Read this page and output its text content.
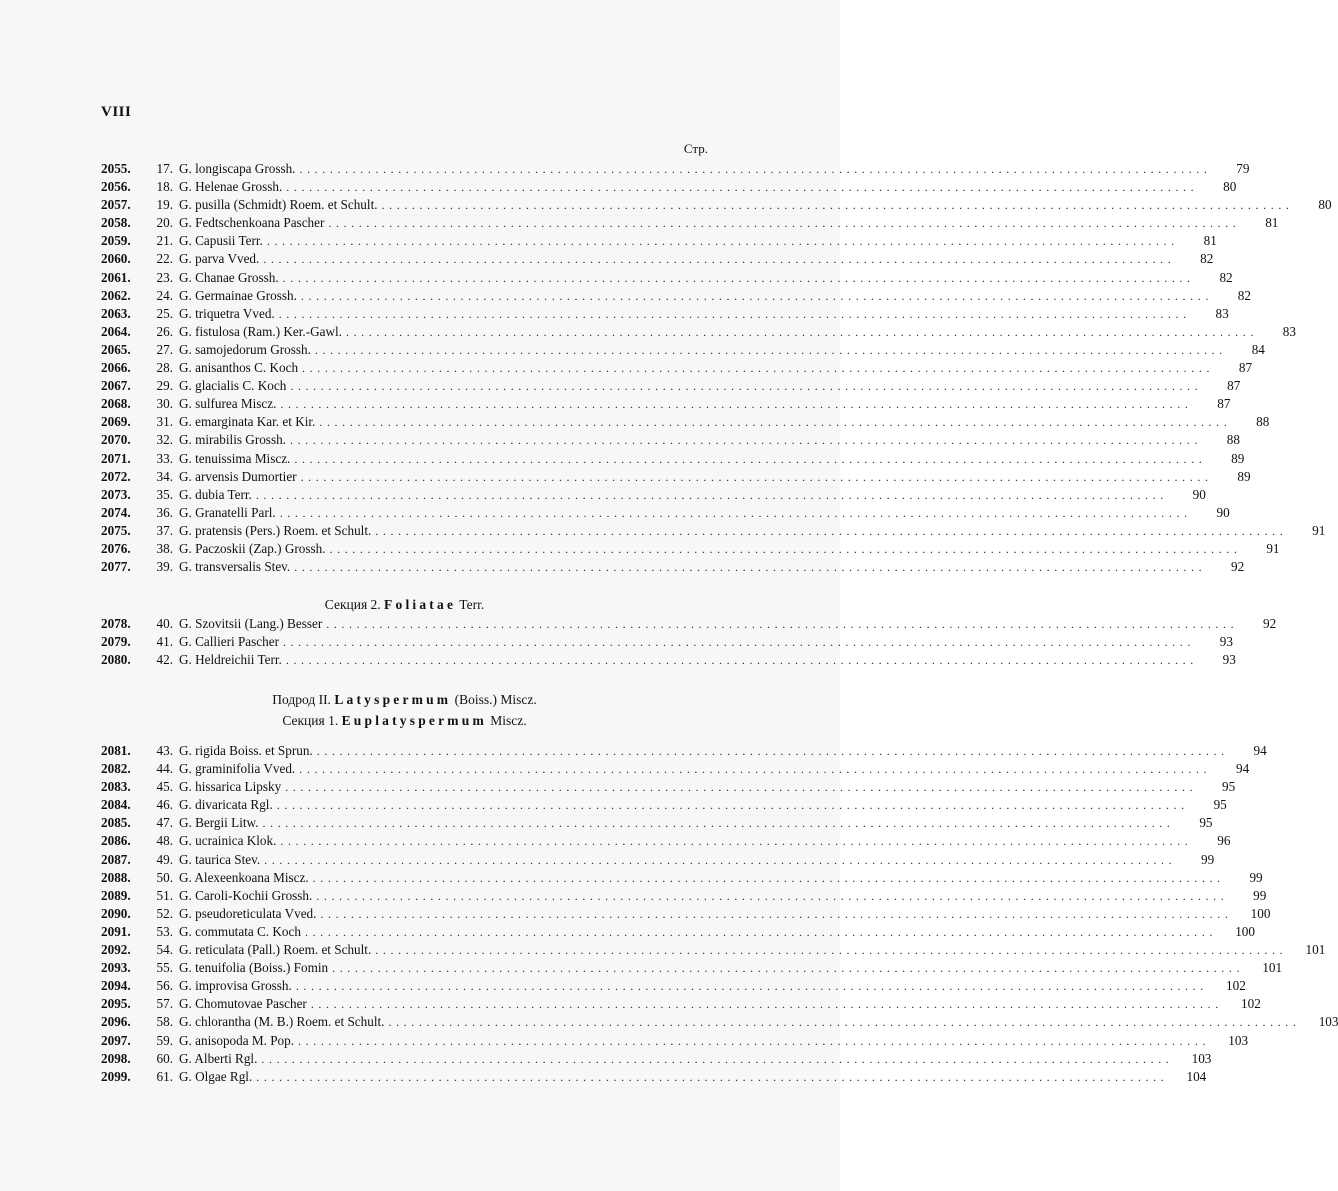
VIII
Стр.
2055.	17. G. longiscapa Grossh. ........................................................................................................................	79
2056.	18. G. Helenae Grossh. ........................................................................................................................	80
2057.	19. G. pusilla (Schmidt) Roem. et Schult. ........................................................................................................................	80
2058.	20. G. Fedtschenkoana Pascher ........................................................................................................................	81
2059.	21. G. Capusii Terr. ........................................................................................................................	81
2060.	22. G. parva Vved. ........................................................................................................................	82
2061.	23. G. Chanae Grossh. ........................................................................................................................	82
2062.	24. G. Germainae Grossh. ........................................................................................................................	82
2063.	25. G. triquetra Vved. ........................................................................................................................	83
2064.	26. G. fistulosa (Ram.) Ker.-Gawl. ........................................................................................................................	83
2065.	27. G. samojedorum Grossh. ........................................................................................................................	84
2066.	28. G. anisanthos C. Koch ........................................................................................................................	87
2067.	29. G. glacialis C. Koch ........................................................................................................................	87
2068.	30. G. sulfurea Miscz. ........................................................................................................................	87
2069.	31. G. emarginata Kar. et Kir. ........................................................................................................................	88
2070.	32. G. mirabilis Grossh. ........................................................................................................................	88
2071.	33. G. tenuissima Miscz. ........................................................................................................................	89
2072.	34. G. arvensis Dumortier ........................................................................................................................	89
2073.	35. G. dubia Terr. ........................................................................................................................	90
2074.	36. G. Granatelli Parl. ........................................................................................................................	90
2075.	37. G. pratensis (Pers.) Roem. et Schult. ........................................................................................................................	91
2076.	38. G. Paczoskii (Zap.) Grossh. ........................................................................................................................	91
2077.	39. G. transversalis Stev. ........................................................................................................................	92
Секция 2. Foliatae Terr.
2078.	40. G. Szovitsii (Lang.) Besser ........................................................................................................................	92
2079.	41. G. Callieri Pascher ........................................................................................................................	93
2080.	42. G. Heldreichii Terr. ........................................................................................................................	93
Подрод II. Latyspermum (Boiss.) Miscz.
Секция 1. Euplatyspermum Miscz.
2081.	43. G. rigida Boiss. et Sprun. ........................................................................................................................	94
2082.	44. G. graminifolia Vved. ........................................................................................................................	94
2083.	45. G. hissarica Lipsky ........................................................................................................................	95
2084.	46. G. divaricata Rgl. ........................................................................................................................	95
2085.	47. G. Bergii Litw. ........................................................................................................................	95
2086.	48. G. ucrainica Klok. ........................................................................................................................	96
2087.	49. G. taurica Stev. ........................................................................................................................	99
2088.	50. G. Alexeenkoana Miscz. ........................................................................................................................	99
2089.	51. G. Caroli-Kochii Grossh. ........................................................................................................................	99
2090.	52. G. pseudoreticulata Vved. ........................................................................................................................	100
2091.	53. G. commutata C. Koch ........................................................................................................................	100
2092.	54. G. reticulata (Pall.) Roem. et Schult. ........................................................................................................................	101
2093.	55. G. tenuifolia (Boiss.) Fomin ........................................................................................................................	101
2094.	56. G. improvisa Grossh. ........................................................................................................................	102
2095.	57. G. Chomutovae Pascher ........................................................................................................................	102
2096.	58. G. chlorantha (M. B.) Roem. et Schult. ........................................................................................................................	103
2097.	59. G. anisopoda M. Pop. ........................................................................................................................	103
2098.	60. G. Alberti Rgl. ........................................................................................................................	103
2099.	61. G. Olgae Rgl. ........................................................................................................................	104
